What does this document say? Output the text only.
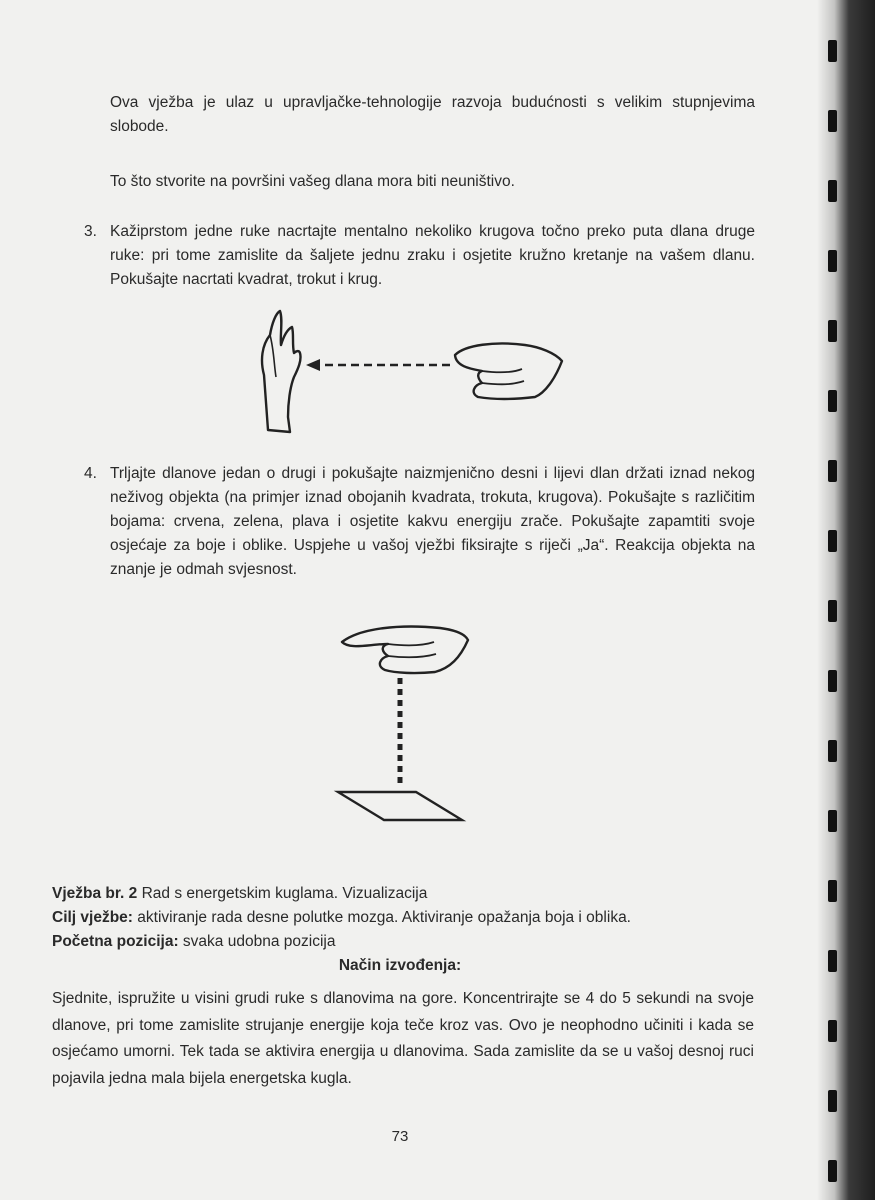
Ova vježba je ulaz u upravljačke-tehnologije razvoja budućnosti s velikim stupnjevima slobode.

To što stvorite na površini vašeg dlana mora biti neuništivo.

3. Kažiprstom jedne ruke nacrtajte mentalno nekoliko krugova točno preko puta dlana druge ruke: pri tome zamislite da šaljete jednu zraku i osjetite kružno kretanje na vašem dlanu. Pokušajte nacrtati kvadrat, trokut i krug.

4. Trljajte dlanove jedan o drugi i pokušajte naizmjenično desni i lijevi dlan držati iznad nekog neživog objekta (na primjer iznad obojanih kvadrata, trokuta, krugova). Pokušajte s različitim bojama: crvena, zelena, plava i osjetite kakvu energiju zrače. Pokušajte zapamtiti svoje osjećaje za boje i oblike. Uspjehe u vašoj vježbi fiksirajte s riječi „Ja“. Reakcija objekta na znanje je odmah svjesnost.

Vježba br. 2 Rad s energetskim kuglama. Vizualizacija

Cilj vježbe: aktiviranje rada desne polutke mozga. Aktiviranje opažanja boja i oblika.

Početna pozicija: svaka udobna pozicija

Način izvođenja:

Sjednite, ispružite u visini grudi ruke s dlanovima na gore. Koncentrirajte se 4 do 5 sekundi na svoje dlanove, pri tome zamislite strujanje energije koja teče kroz vas. Ovo je neophodno učiniti i kada se osjećamo umorni. Tek tada se aktivira energija u dlanovima. Sada zamislite da se u vašoj desnoj ruci pojavila jedna mala bijela energetska kugla.

73
